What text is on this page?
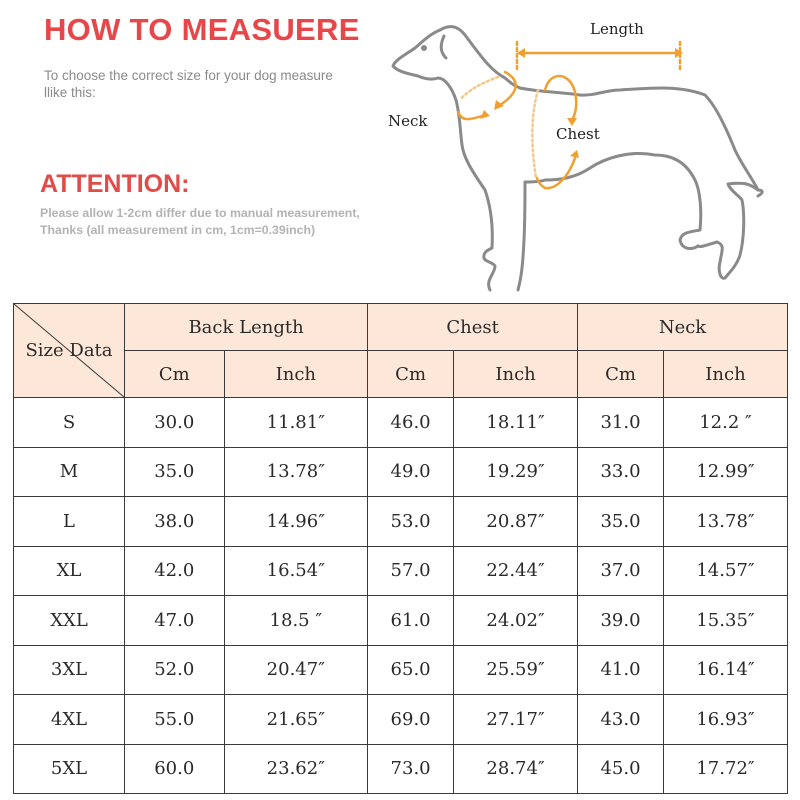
HOW TO MEASUERE
To choose the correct size for your dog measure llike this:
ATTENTION:
Please allow 1-2cm differ due to manual measurement,
Thanks (all measurement in cm, 1cm=0.39inch)
Length
Neck
Chest
Size Data	Back Length		Chest		Neck	
	Cm	Inch	Cm	Inch	Cm	Inch
S	30.0	11.81″	46.0	18.11″	31.0	12.2 ″
M	35.0	13.78″	49.0	19.29″	33.0	12.99″
L	38.0	14.96″	53.0	20.87″	35.0	13.78″
XL	42.0	16.54″	57.0	22.44″	37.0	14.57″
XXL	47.0	18.5 ″	61.0	24.02″	39.0	15.35″
3XL	52.0	20.47″	65.0	25.59″	41.0	16.14″
4XL	55.0	21.65″	69.0	27.17″	43.0	16.93″
5XL	60.0	23.62″	73.0	28.74″	45.0	17.72″
